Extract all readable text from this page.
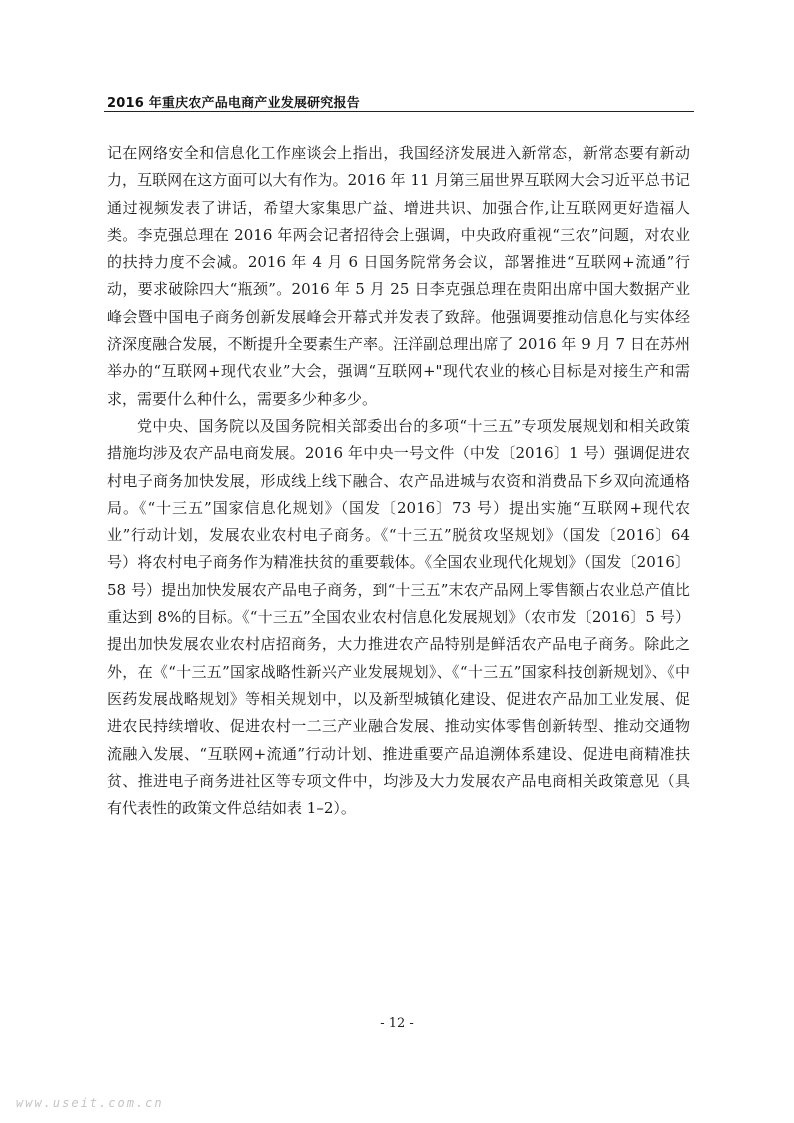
2016 年重庆农产品电商产业发展研究报告

记在网络安全和信息化工作座谈会上指出，我国经济发展进入新常态，新常态要有新动力，互联网在这方面可以大有作为。2016 年 11 月第三届世界互联网大会习近平总书记通过视频发表了讲话，希望大家集思广益、增进共识、加强合作,让互联网更好造福人类。李克强总理在 2016 年两会记者招待会上强调，中央政府重视“三农”问题，对农业的扶持力度不会减。2016 年 4 月 6 日国务院常务会议，部署推进“互联网+流通”行动，要求破除四大“瓶颈”。2016 年 5 月 25 日李克强总理在贵阳出席中国大数据产业峰会暨中国电子商务创新发展峰会开幕式并发表了致辞。他强调要推动信息化与实体经济深度融合发展，不断提升全要素生产率。汪洋副总理出席了 2016 年 9 月 7 日在苏州举办的“互联网+现代农业”大会，强调“互联网+"现代农业的核心目标是对接生产和需求，需要什么种什么，需要多少种多少。

党中央、国务院以及国务院相关部委出台的多项“十三五”专项发展规划和相关政策措施均涉及农产品电商发展。2016 年中央一号文件（中发〔2016〕1 号）强调促进农村电子商务加快发展，形成线上线下融合、农产品进城与农资和消费品下乡双向流通格局。《“十三五”国家信息化规划》（国发〔2016〕73 号）提出实施“互联网+现代农业”行动计划，发展农业农村电子商务。《“十三五”脱贫攻坚规划》（国发〔2016〕64 号）将农村电子商务作为精准扶贫的重要载体。《全国农业现代化规划》（国发〔2016〕58 号）提出加快发展农产品电子商务，到“十三五”末农产品网上零售额占农业总产值比重达到 8%的目标。《“十三五”全国农业农村信息化发展规划》（农市发〔2016〕5 号）提出加快发展农业农村店招商务，大力推进农产品特别是鲜活农产品电子商务。除此之外，在《“十三五”国家战略性新兴产业发展规划》、《“十三五”国家科技创新规划》、《中医药发展战略规划》等相关规划中，以及新型城镇化建设、促进农产品加工业发展、促进农民持续增收、促进农村一二三产业融合发展、推动实体零售创新转型、推动交通物流融入发展、“互联网+流通”行动计划、推进重要产品追溯体系建设、促进电商精准扶贫、推进电子商务进社区等专项文件中，均涉及大力发展农产品电商相关政策意见（具有代表性的政策文件总结如表 1–2）。

- 12 -
www.useit.com.cn
